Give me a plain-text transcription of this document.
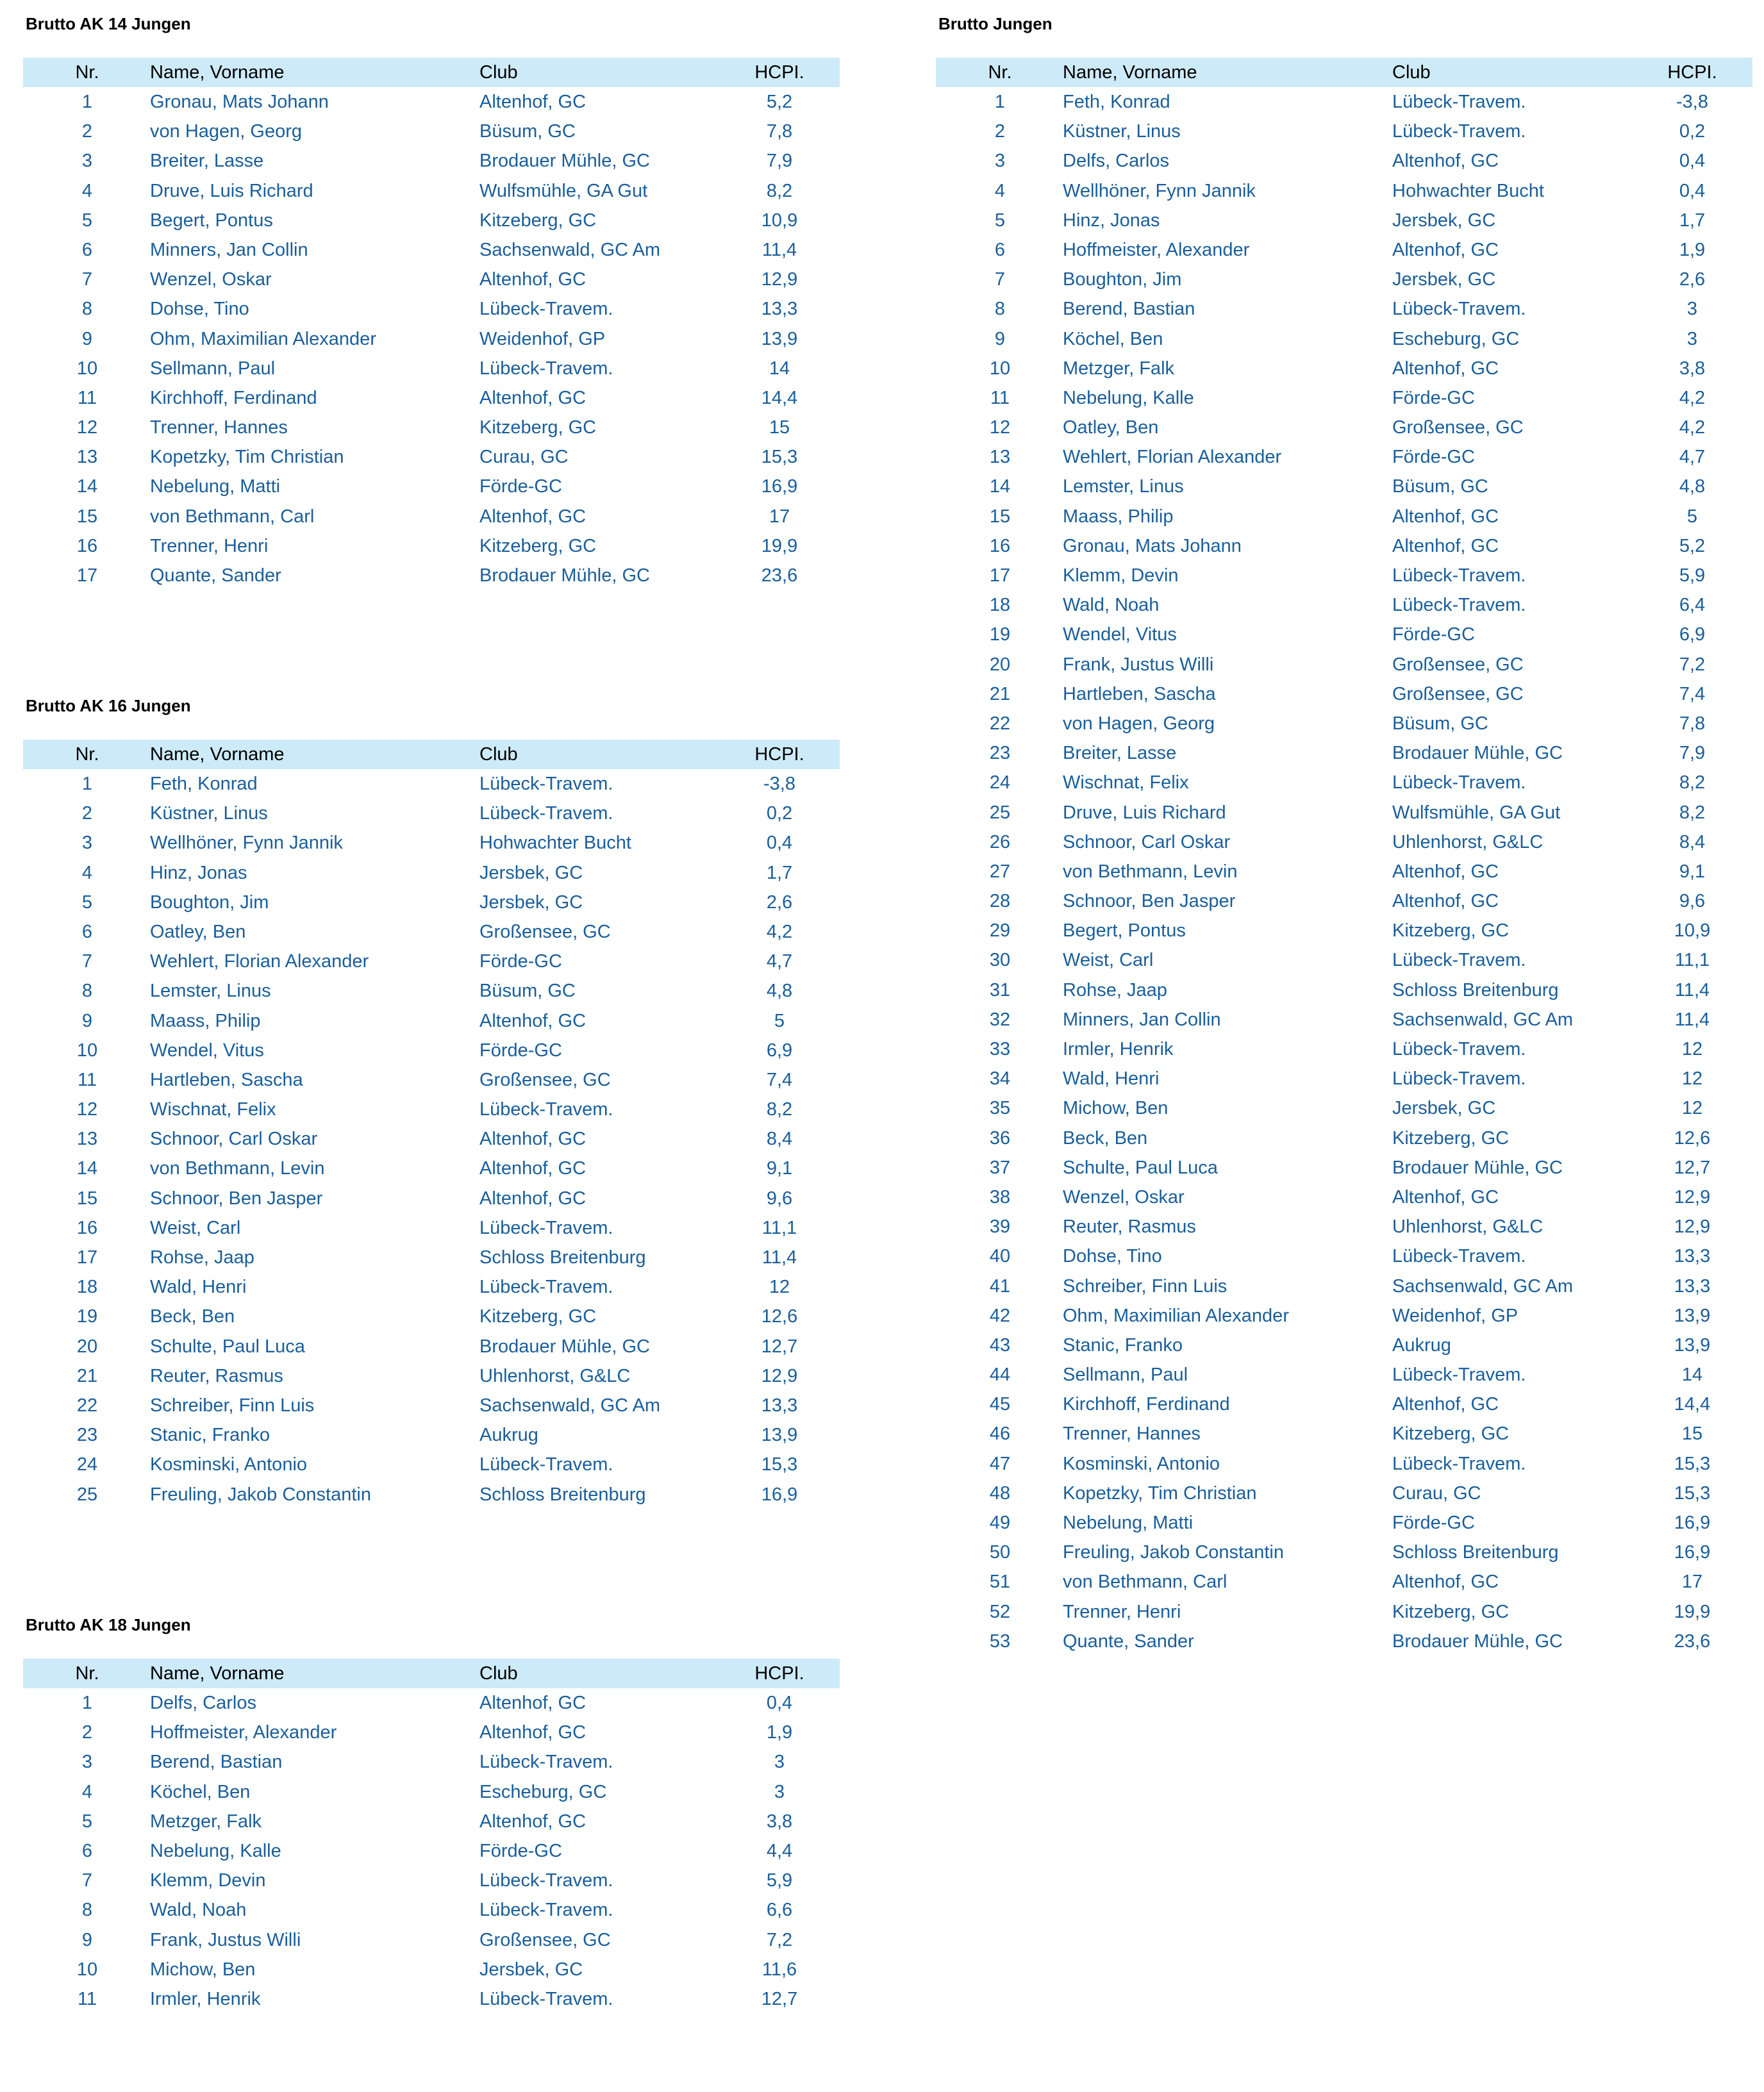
Brutto AK 14 Jungen
Nr.	Name, Vorname	Club	HCPI.
1	Gronau, Mats Johann	Altenhof, GC	5,2
2	von Hagen, Georg	Büsum, GC	7,8
3	Breiter, Lasse	Brodauer Mühle, GC	7,9
4	Druve, Luis Richard	Wulfsmühle, GA Gut	8,2
5	Begert, Pontus	Kitzeberg, GC	10,9
6	Minners, Jan Collin	Sachsenwald, GC Am	11,4
7	Wenzel, Oskar	Altenhof, GC	12,9
8	Dohse, Tino	Lübeck-Travem.	13,3
9	Ohm, Maximilian Alexander	Weidenhof, GP	13,9
10	Sellmann, Paul	Lübeck-Travem.	14
11	Kirchhoff, Ferdinand	Altenhof, GC	14,4
12	Trenner, Hannes	Kitzeberg, GC	15
13	Kopetzky, Tim Christian	Curau, GC	15,3
14	Nebelung, Matti	Förde-GC	16,9
15	von Bethmann, Carl	Altenhof, GC	17
16	Trenner, Henri	Kitzeberg, GC	19,9
17	Quante, Sander	Brodauer Mühle, GC	23,6
Brutto AK 16 Jungen
Nr.	Name, Vorname	Club	HCPI.
1	Feth, Konrad	Lübeck-Travem.	-3,8
2	Küstner, Linus	Lübeck-Travem.	0,2
3	Wellhöner, Fynn Jannik	Hohwachter Bucht	0,4
4	Hinz, Jonas	Jersbek, GC	1,7
5	Boughton, Jim	Jersbek, GC	2,6
6	Oatley, Ben	Großensee, GC	4,2
7	Wehlert, Florian Alexander	Förde-GC	4,7
8	Lemster, Linus	Büsum, GC	4,8
9	Maass, Philip	Altenhof, GC	5
10	Wendel, Vitus	Förde-GC	6,9
11	Hartleben, Sascha	Großensee, GC	7,4
12	Wischnat, Felix	Lübeck-Travem.	8,2
13	Schnoor, Carl Oskar	Altenhof, GC	8,4
14	von Bethmann, Levin	Altenhof, GC	9,1
15	Schnoor, Ben Jasper	Altenhof, GC	9,6
16	Weist, Carl	Lübeck-Travem.	11,1
17	Rohse, Jaap	Schloss Breitenburg	11,4
18	Wald, Henri	Lübeck-Travem.	12
19	Beck, Ben	Kitzeberg, GC	12,6
20	Schulte, Paul Luca	Brodauer Mühle, GC	12,7
21	Reuter, Rasmus	Uhlenhorst, G&LC	12,9
22	Schreiber, Finn Luis	Sachsenwald, GC Am	13,3
23	Stanic, Franko	Aukrug	13,9
24	Kosminski, Antonio	Lübeck-Travem.	15,3
25	Freuling, Jakob Constantin	Schloss Breitenburg	16,9
Brutto AK 18 Jungen
Nr.	Name, Vorname	Club	HCPI.
1	Delfs, Carlos	Altenhof, GC	0,4
2	Hoffmeister, Alexander	Altenhof, GC	1,9
3	Berend, Bastian	Lübeck-Travem.	3
4	Köchel, Ben	Escheburg, GC	3
5	Metzger, Falk	Altenhof, GC	3,8
6	Nebelung, Kalle	Förde-GC	4,4
7	Klemm, Devin	Lübeck-Travem.	5,9
8	Wald, Noah	Lübeck-Travem.	6,6
9	Frank, Justus Willi	Großensee, GC	7,2
10	Michow, Ben	Jersbek, GC	11,6
11	Irmler, Henrik	Lübeck-Travem.	12,7
Brutto Jungen
Nr.	Name, Vorname	Club	HCPI.
1	Feth, Konrad	Lübeck-Travem.	-3,8
2	Küstner, Linus	Lübeck-Travem.	0,2
3	Delfs, Carlos	Altenhof, GC	0,4
4	Wellhöner, Fynn Jannik	Hohwachter Bucht	0,4
5	Hinz, Jonas	Jersbek, GC	1,7
6	Hoffmeister, Alexander	Altenhof, GC	1,9
7	Boughton, Jim	Jersbek, GC	2,6
8	Berend, Bastian	Lübeck-Travem.	3
9	Köchel, Ben	Escheburg, GC	3
10	Metzger, Falk	Altenhof, GC	3,8
11	Nebelung, Kalle	Förde-GC	4,2
12	Oatley, Ben	Großensee, GC	4,2
13	Wehlert, Florian Alexander	Förde-GC	4,7
14	Lemster, Linus	Büsum, GC	4,8
15	Maass, Philip	Altenhof, GC	5
16	Gronau, Mats Johann	Altenhof, GC	5,2
17	Klemm, Devin	Lübeck-Travem.	5,9
18	Wald, Noah	Lübeck-Travem.	6,4
19	Wendel, Vitus	Förde-GC	6,9
20	Frank, Justus Willi	Großensee, GC	7,2
21	Hartleben, Sascha	Großensee, GC	7,4
22	von Hagen, Georg	Büsum, GC	7,8
23	Breiter, Lasse	Brodauer Mühle, GC	7,9
24	Wischnat, Felix	Lübeck-Travem.	8,2
25	Druve, Luis Richard	Wulfsmühle, GA Gut	8,2
26	Schnoor, Carl Oskar	Uhlenhorst, G&LC	8,4
27	von Bethmann, Levin	Altenhof, GC	9,1
28	Schnoor, Ben Jasper	Altenhof, GC	9,6
29	Begert, Pontus	Kitzeberg, GC	10,9
30	Weist, Carl	Lübeck-Travem.	11,1
31	Rohse, Jaap	Schloss Breitenburg	11,4
32	Minners, Jan Collin	Sachsenwald, GC Am	11,4
33	Irmler, Henrik	Lübeck-Travem.	12
34	Wald, Henri	Lübeck-Travem.	12
35	Michow, Ben	Jersbek, GC	12
36	Beck, Ben	Kitzeberg, GC	12,6
37	Schulte, Paul Luca	Brodauer Mühle, GC	12,7
38	Wenzel, Oskar	Altenhof, GC	12,9
39	Reuter, Rasmus	Uhlenhorst, G&LC	12,9
40	Dohse, Tino	Lübeck-Travem.	13,3
41	Schreiber, Finn Luis	Sachsenwald, GC Am	13,3
42	Ohm, Maximilian Alexander	Weidenhof, GP	13,9
43	Stanic, Franko	Aukrug	13,9
44	Sellmann, Paul	Lübeck-Travem.	14
45	Kirchhoff, Ferdinand	Altenhof, GC	14,4
46	Trenner, Hannes	Kitzeberg, GC	15
47	Kosminski, Antonio	Lübeck-Travem.	15,3
48	Kopetzky, Tim Christian	Curau, GC	15,3
49	Nebelung, Matti	Förde-GC	16,9
50	Freuling, Jakob Constantin	Schloss Breitenburg	16,9
51	von Bethmann, Carl	Altenhof, GC	17
52	Trenner, Henri	Kitzeberg, GC	19,9
53	Quante, Sander	Brodauer Mühle, GC	23,6
